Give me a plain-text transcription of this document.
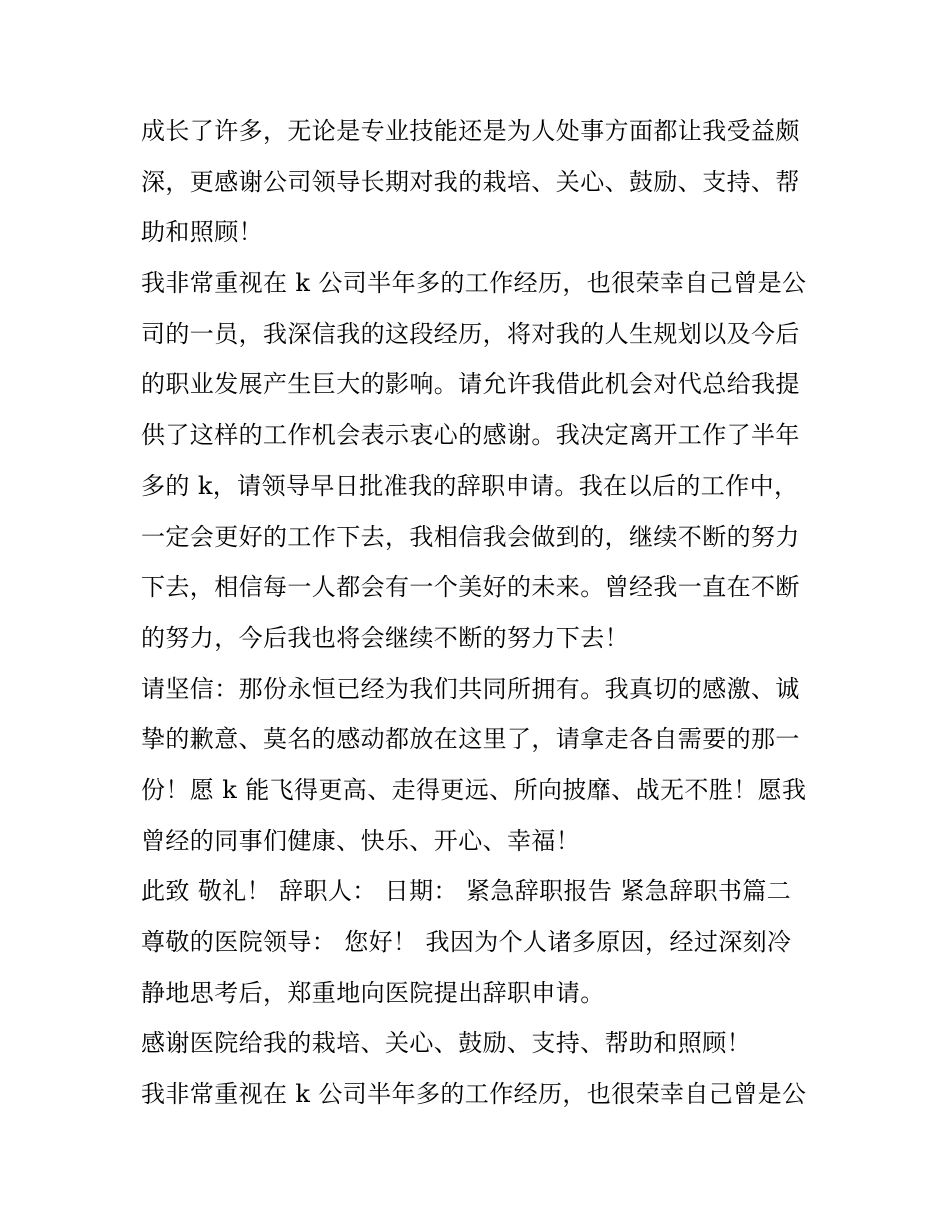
成长了许多，无论是专业技能还是为人处事方面都让我受益颇
深，更感谢公司领导长期对我的栽培、关心、鼓励、支持、帮
助和照顾！
我非常重视在 k 公司半年多的工作经历，也很荣幸自己曾是公
司的一员，我深信我的这段经历，将对我的人生规划以及今后
的职业发展产生巨大的影响。请允许我借此机会对代总给我提
供了这样的工作机会表示衷心的感谢。我决定离开工作了半年
多的 k，请领导早日批准我的辞职申请。我在以后的工作中，
一定会更好的工作下去，我相信我会做到的，继续不断的努力
下去，相信每一人都会有一个美好的未来。曾经我一直在不断
的努力，今后我也将会继续不断的努力下去！
请坚信：那份永恒已经为我们共同所拥有。我真切的感激、诚
挚的歉意、莫名的感动都放在这里了，请拿走各自需要的那一
份！愿 k 能飞得更高、走得更远、所向披靡、战无不胜！愿我
曾经的同事们健康、快乐、开心、幸福！
此致 敬礼！ 辞职人： 日期： 紧急辞职报告 紧急辞职书篇二
尊敬的医院领导： 您好！ 我因为个人诸多原因，经过深刻冷
静地思考后，郑重地向医院提出辞职申请。
感谢医院给我的栽培、关心、鼓励、支持、帮助和照顾！
我非常重视在 k 公司半年多的工作经历，也很荣幸自己曾是公
